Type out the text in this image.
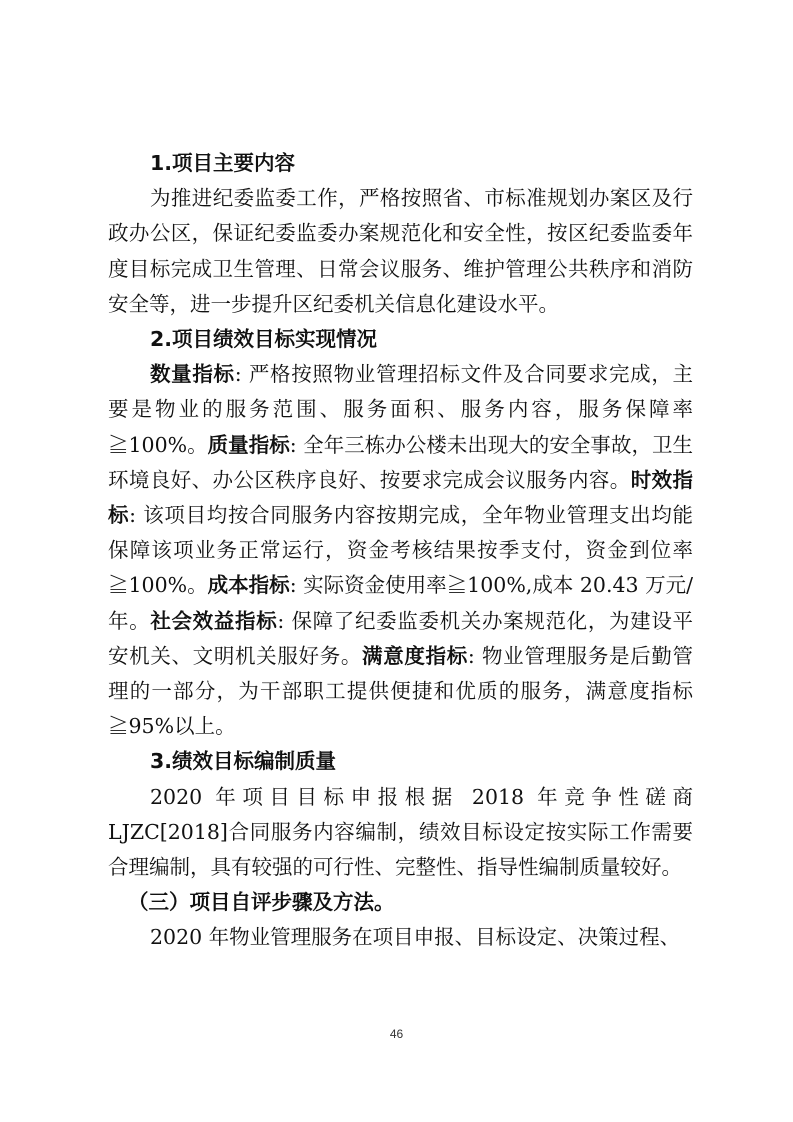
1.项目主要内容

为推进纪委监委工作，严格按照省、市标准规划办案区及行政办公区，保证纪委监委办案规范化和安全性，按区纪委监委年度目标完成卫生管理、日常会议服务、维护管理公共秩序和消防安全等，进一步提升区纪委机关信息化建设水平。

2.项目绩效目标实现情况

数量指标: 严格按照物业管理招标文件及合同要求完成，主要是物业的服务范围、服务面积、服务内容，服务保障率≧100%。质量指标: 全年三栋办公楼未出现大的安全事故，卫生环境良好、办公区秩序良好、按要求完成会议服务内容。时效指标: 该项目均按合同服务内容按期完成，全年物业管理支出均能保障该项业务正常运行，资金考核结果按季支付，资金到位率≧100%。成本指标: 实际资金使用率≧100%,成本 20.43 万元/年。社会效益指标: 保障了纪委监委机关办案规范化，为建设平安机关、文明机关服好务。满意度指标: 物业管理服务是后勤管理的一部分，为干部职工提供便捷和优质的服务，满意度指标≧95%以上。

3.绩效目标编制质量

2020 年项目目标申报根据 2018 年竞争性磋商 LJZC[2018]合同服务内容编制，绩效目标设定按实际工作需要合理编制，具有较强的可行性、完整性、指导性编制质量较好。

（三）项目自评步骤及方法。

2020 年物业管理服务在项目申报、目标设定、决策过程、

46
